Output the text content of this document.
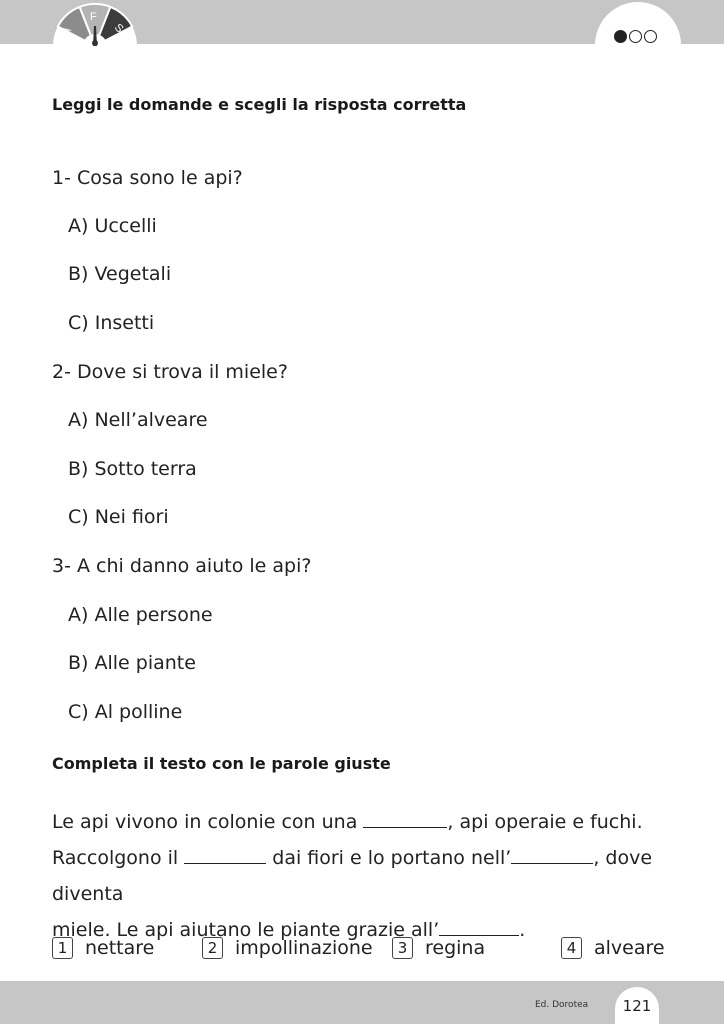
A
F
S
Leggi le domande e scegli la risposta corretta
1- Cosa sono le api?
A) Uccelli
B) Vegetali
C) Insetti
2- Dove si trova il miele?
A) Nell’alveare
B) Sotto terra
C) Nei fiori
3- A chi danno aiuto le api?
A) Alle persone
B) Alle piante
C) Al polline
Completa il testo con le parole giuste
Le api vivono in colonie con una	, api operaie e fuchi.
Raccolgono il	dai fiori e lo portano nell’	, dove diventa
miele. Le api aiutano le piante grazie all’	.
1 nettare	2 impollinazione	3 regina	4 alveare
Ed. Dorotea 121
